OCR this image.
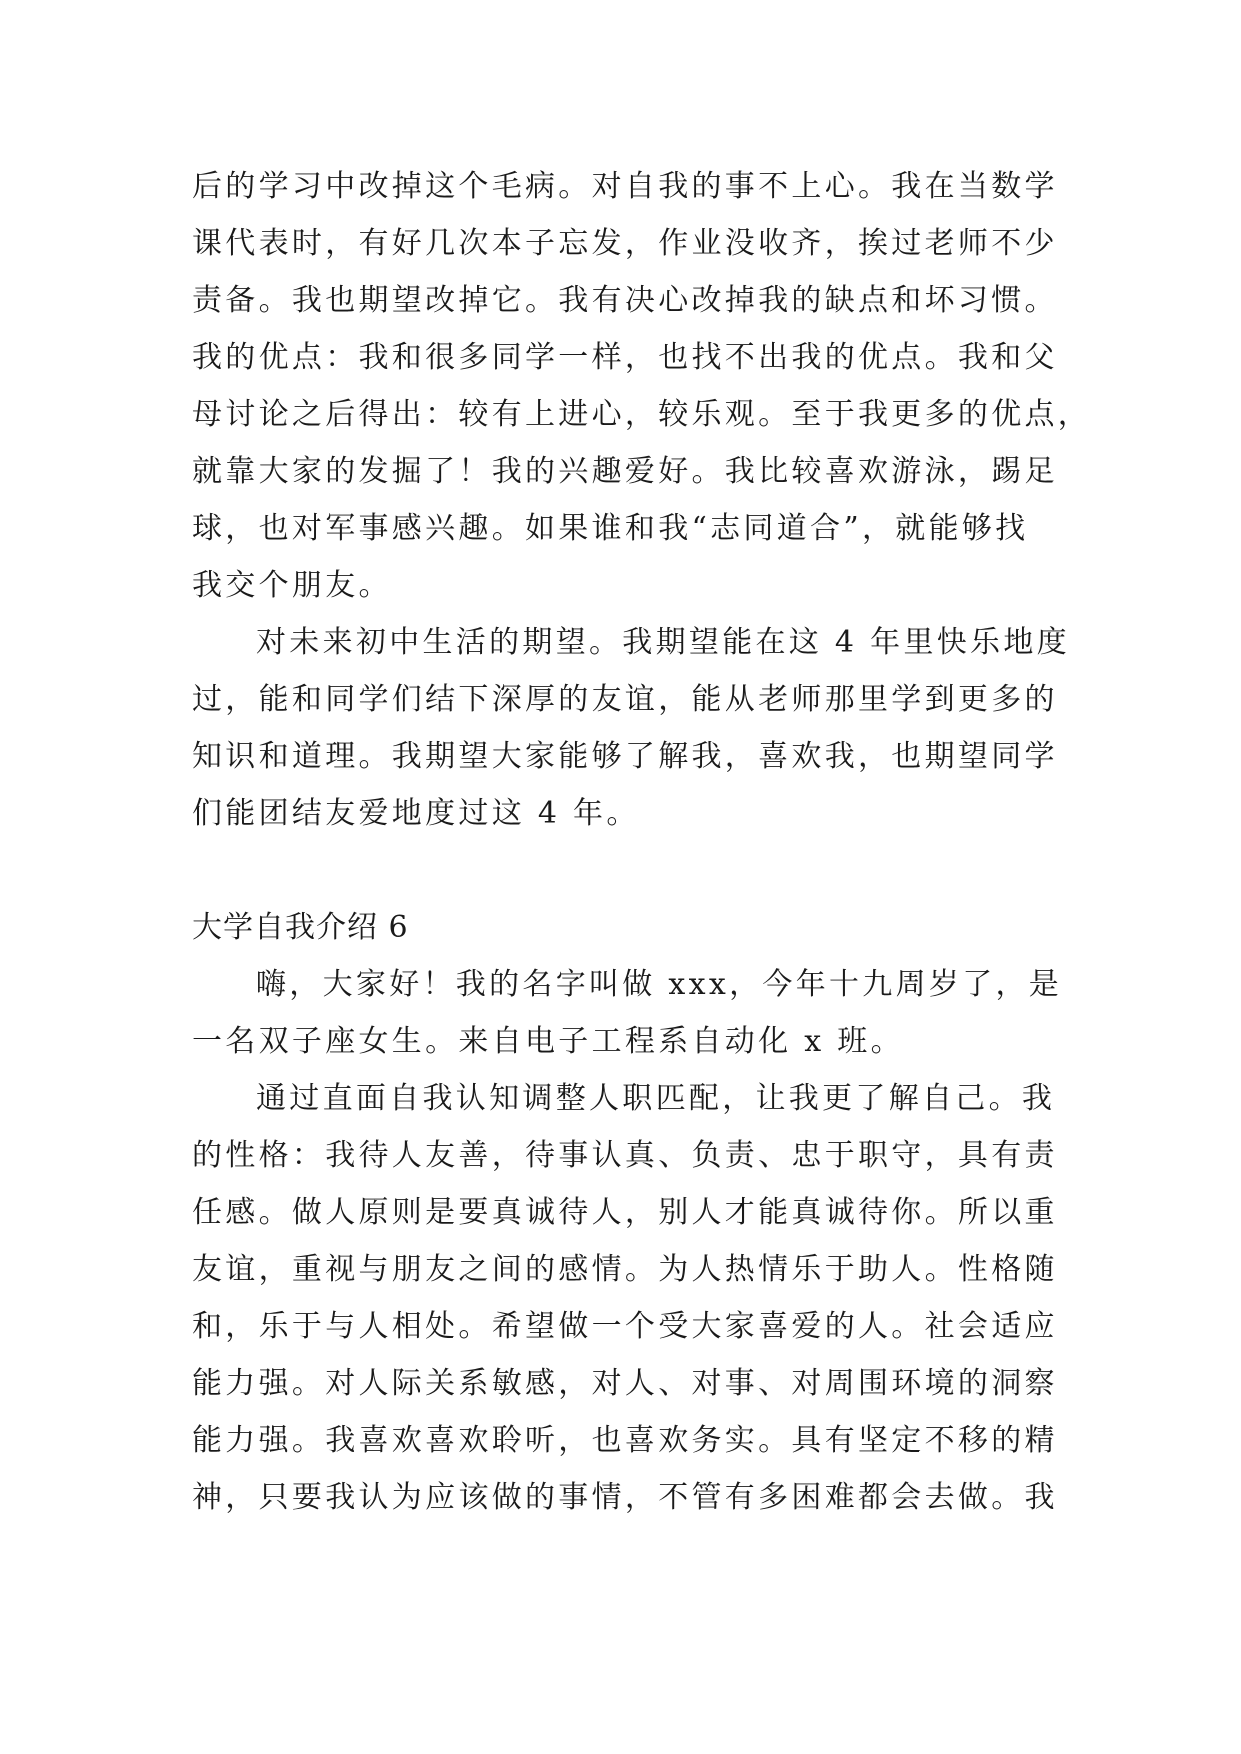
后的学习中改掉这个毛病。对自我的事不上心。我在当数学
课代表时，有好几次本子忘发，作业没收齐，挨过老师不少
责备。我也期望改掉它。我有决心改掉我的缺点和坏习惯。
我的优点：我和很多同学一样，也找不出我的优点。我和父
母讨论之后得出：较有上进心，较乐观。至于我更多的优点，
就靠大家的发掘了！我的兴趣爱好。我比较喜欢游泳，踢足
球，也对军事感兴趣。如果谁和我“志同道合”，就能够找
我交个朋友。
对未来初中生活的期望。我期望能在这 4 年里快乐地度
过，能和同学们结下深厚的友谊，能从老师那里学到更多的
知识和道理。我期望大家能够了解我，喜欢我，也期望同学
们能团结友爱地度过这 4 年。
大学自我介绍 6
嗨，大家好！我的名字叫做 xxx，今年十九周岁了，是
一名双子座女生。来自电子工程系自动化 x 班。
通过直面自我认知调整人职匹配，让我更了解自己。我
的性格：我待人友善，待事认真、负责、忠于职守，具有责
任感。做人原则是要真诚待人，别人才能真诚待你。所以重
友谊，重视与朋友之间的感情。为人热情乐于助人。性格随
和，乐于与人相处。希望做一个受大家喜爱的人。社会适应
能力强。对人际关系敏感，对人、对事、对周围环境的洞察
能力强。我喜欢喜欢聆听，也喜欢务实。具有坚定不移的精
神，只要我认为应该做的事情，不管有多困难都会去做。我
